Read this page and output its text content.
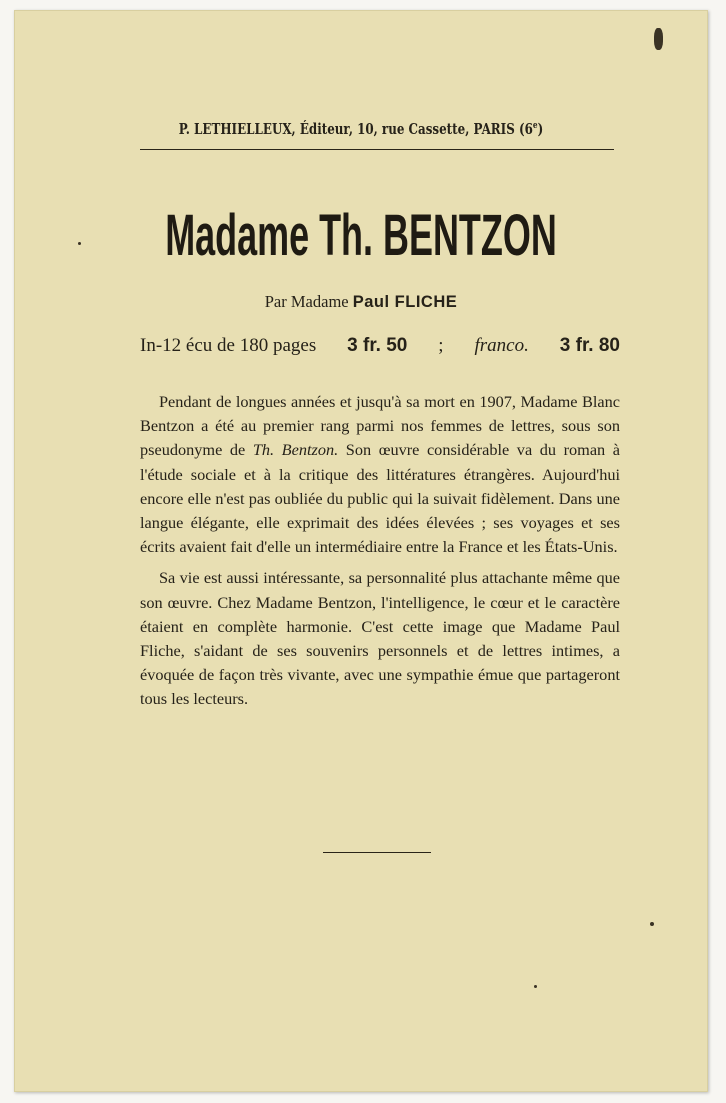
P. LETHIELLEUX, Éditeur, 10, rue Cassette, PARIS (6e)
Madame Th. BENTZON
Par Madame Paul FLICHE
In-12 écu de 180 pages 3 fr. 50 ; franco. 3 fr. 80

Pendant de longues années et jusqu'à sa mort en 1907, Madame Blanc Bentzon a été au premier rang parmi nos femmes de lettres, sous son pseudonyme de Th. Bentzon. Son œuvre considérable va du roman à l'étude sociale et à la critique des littératures étrangères. Aujourd'hui encore elle n'est pas oubliée du public qui la suivait fidèlement. Dans une langue élégante, elle exprimait des idées élevées ; ses voyages et ses écrits avaient fait d'elle un intermédiaire entre la France et les États-Unis.

Sa vie est aussi intéressante, sa personnalité plus attachante même que son œuvre. Chez Madame Bentzon, l'intelligence, le cœur et le caractère étaient en complète harmonie. C'est cette image que Madame Paul Fliche, s'aidant de ses souvenirs personnels et de lettres intimes, a évoquée de façon très vivante, avec une sympathie émue que partageront tous les lecteurs.
